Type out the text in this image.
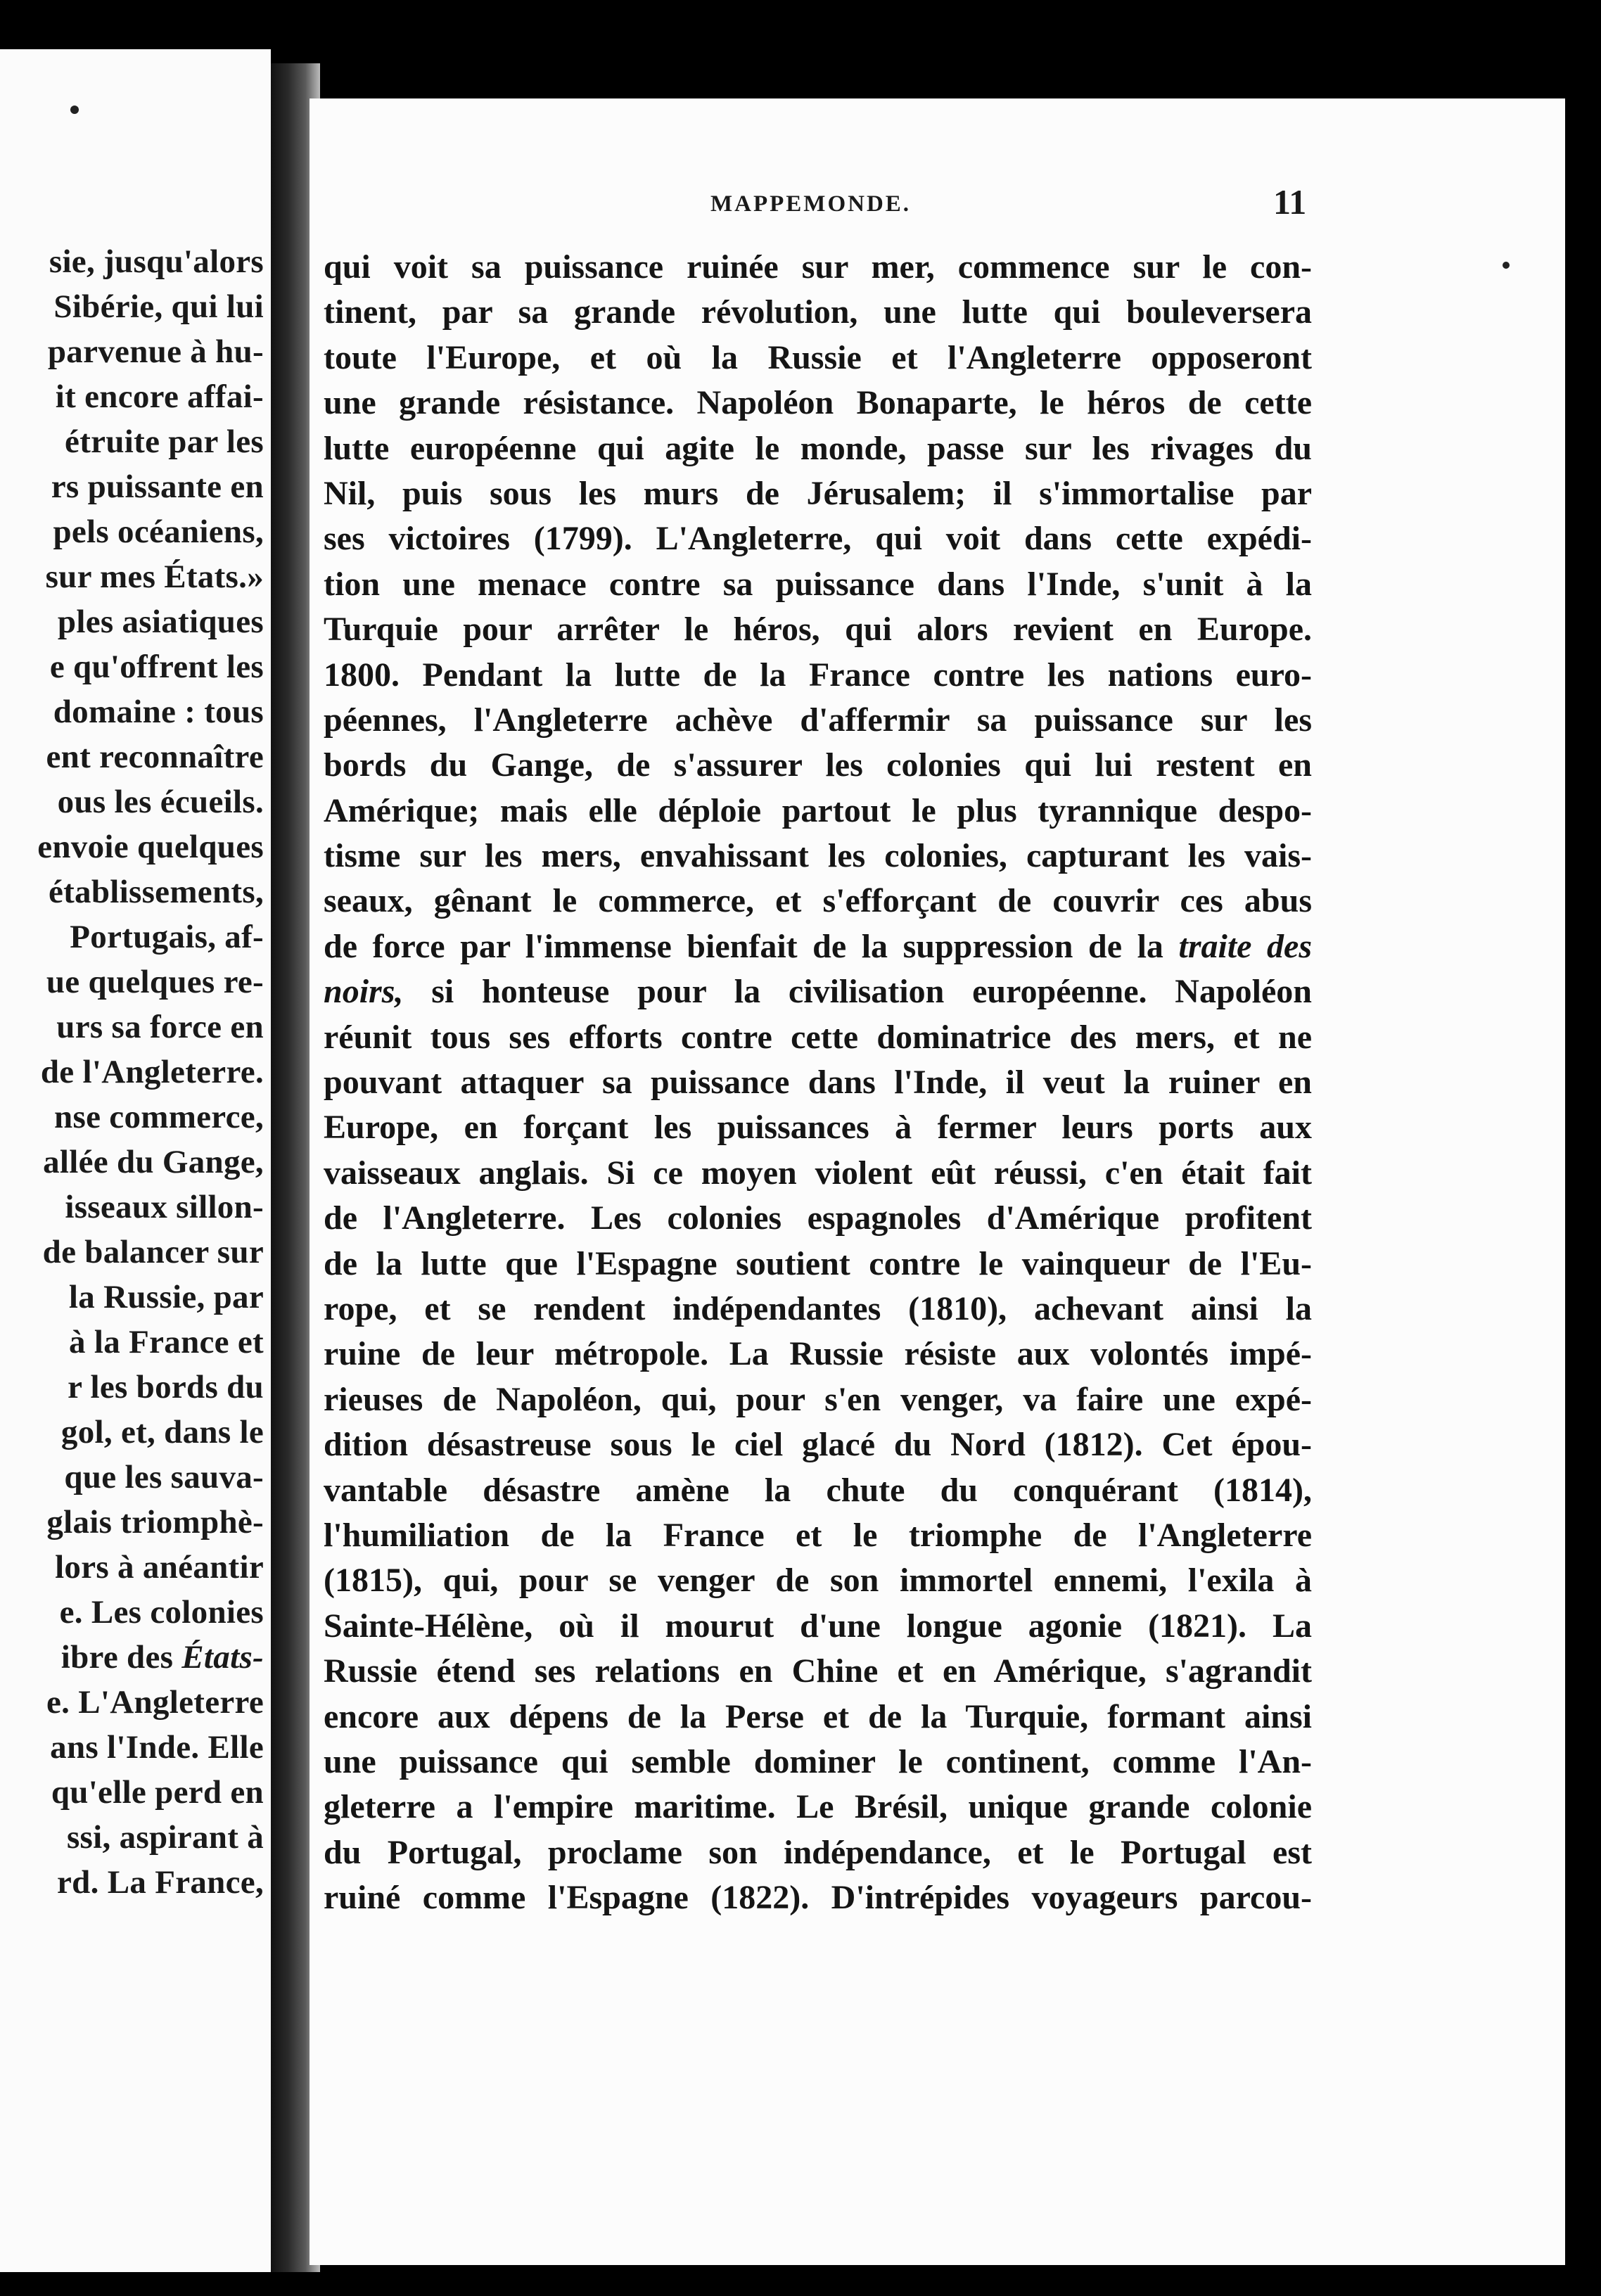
sie, jusqu'alors
Sibérie, qui lui
parvenue à hu-
it encore affai-
étruite par les
rs puissante en
pels océaniens,
sur mes États.»
ples asiatiques
e qu'offrent les
domaine : tous
ent reconnaître
ous les écueils.
envoie quelques
établissements,
Portugais, af-
ue quelques re-
urs sa force en
de l'Angleterre.
nse commerce,
allée du Gange,
isseaux sillon-
de balancer sur
la Russie, par
à la France et
r les bords du
gol, et, dans le
que les sauva-
glais triomphè-
lors à anéantir
e. Les colonies
ibre des États-
e. L'Angleterre
ans l'Inde. Elle
qu'elle perd en
ssi, aspirant à
rd. La France,
MAPPEMONDE.	11
qui voit sa puissance ruinée sur mer, commence sur le con-
tinent, par sa grande révolution, une lutte qui bouleversera
toute l'Europe, et où la Russie et l'Angleterre opposeront
une grande résistance. Napoléon Bonaparte, le héros de cette
lutte européenne qui agite le monde, passe sur les rivages du
Nil, puis sous les murs de Jérusalem; il s'immortalise par
ses victoires (1799). L'Angleterre, qui voit dans cette expédi-
tion une menace contre sa puissance dans l'Inde, s'unit à la
Turquie pour arrêter le héros, qui alors revient en Europe.
1800. Pendant la lutte de la France contre les nations euro-
péennes, l'Angleterre achève d'affermir sa puissance sur les
bords du Gange, de s'assurer les colonies qui lui restent en
Amérique; mais elle déploie partout le plus tyrannique despo-
tisme sur les mers, envahissant les colonies, capturant les vais-
seaux, gênant le commerce, et s'efforçant de couvrir ces abus
de force par l'immense bienfait de la suppression de la traite des
noirs, si honteuse pour la civilisation européenne. Napoléon
réunit tous ses efforts contre cette dominatrice des mers, et ne
pouvant attaquer sa puissance dans l'Inde, il veut la ruiner en
Europe, en forçant les puissances à fermer leurs ports aux
vaisseaux anglais. Si ce moyen violent eût réussi, c'en était fait
de l'Angleterre. Les colonies espagnoles d'Amérique profitent
de la lutte que l'Espagne soutient contre le vainqueur de l'Eu-
rope, et se rendent indépendantes (1810), achevant ainsi la
ruine de leur métropole. La Russie résiste aux volontés impé-
rieuses de Napoléon, qui, pour s'en venger, va faire une expé-
dition désastreuse sous le ciel glacé du Nord (1812). Cet épou-
vantable désastre amène la chute du conquérant (1814),
l'humiliation de la France et le triomphe de l'Angleterre
(1815), qui, pour se venger de son immortel ennemi, l'exila à
Sainte-Hélène, où il mourut d'une longue agonie (1821). La
Russie étend ses relations en Chine et en Amérique, s'agrandit
encore aux dépens de la Perse et de la Turquie, formant ainsi
une puissance qui semble dominer le continent, comme l'An-
gleterre a l'empire maritime. Le Brésil, unique grande colonie
du Portugal, proclame son indépendance, et le Portugal est
ruiné comme l'Espagne (1822). D'intrépides voyageurs parcou-
